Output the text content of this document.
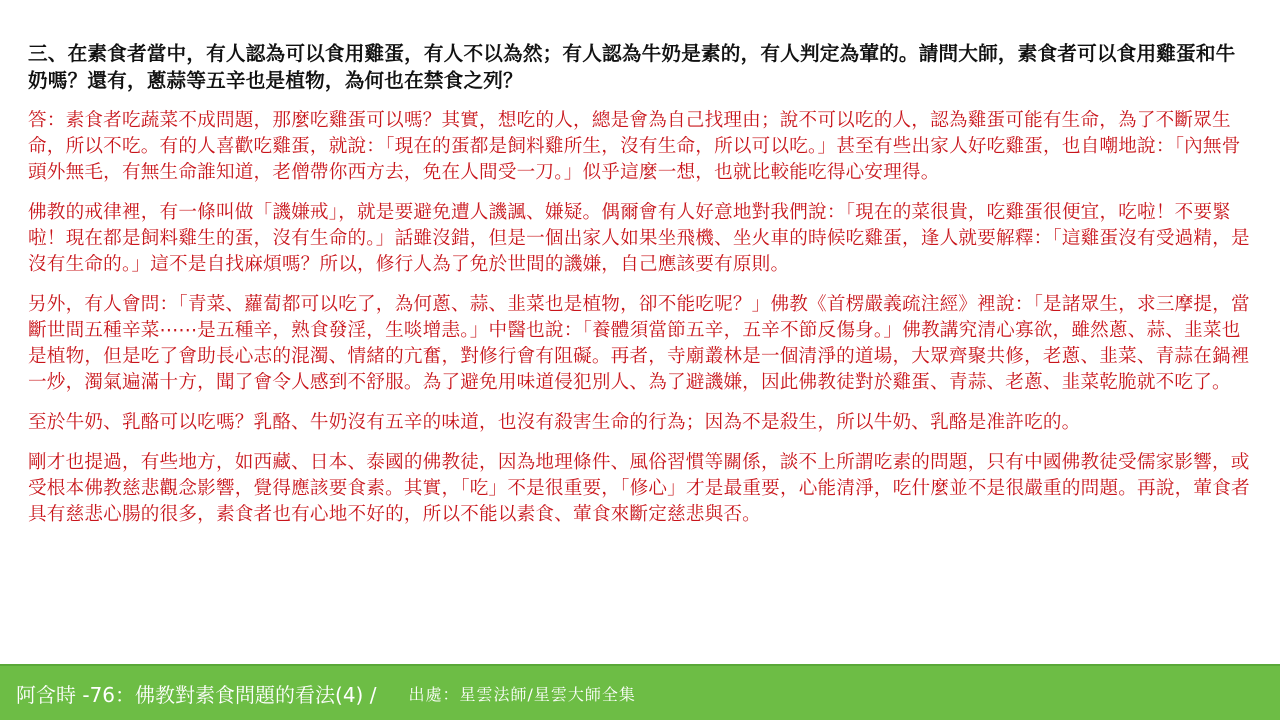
三、在素食者當中，有人認為可以食用雞蛋，有人不以為然；有人認為牛奶是素的，有人判定為葷的。請問大師，素食者可以食用雞蛋和牛奶嗎？還有，蔥蒜等五辛也是植物，為何也在禁食之列？

答：素食者吃蔬菜不成問題，那麼吃雞蛋可以嗎？其實，想吃的人，總是會為自己找理由；說不可以吃的人，認為雞蛋可能有生命，為了不斷眾生命，所以不吃。有的人喜歡吃雞蛋，就說：「現在的蛋都是飼料雞所生，沒有生命，所以可以吃。」甚至有些出家人好吃雞蛋，也自嘲地說：「內無骨頭外無毛，有無生命誰知道，老僧帶你西方去，免在人間受一刀。」似乎這麼一想，也就比較能吃得心安理得。

佛教的戒律裡，有一條叫做「譏嫌戒」，就是要避免遭人譏諷、嫌疑。偶爾會有人好意地對我們說：「現在的菜很貴，吃雞蛋很便宜，吃啦！不要緊啦！現在都是飼料雞生的蛋，沒有生命的。」話雖沒錯，但是一個出家人如果坐飛機、坐火車的時候吃雞蛋，逢人就要解釋：「這雞蛋沒有受過精，是沒有生命的。」這不是自找麻煩嗎？所以，修行人為了免於世間的譏嫌，自己應該要有原則。

另外，有人會問：「青菜、蘿蔔都可以吃了，為何蔥、蒜、韭菜也是植物，卻不能吃呢？」佛教《首楞嚴義疏注經》裡說：「是諸眾生，求三摩提，當斷世間五種辛菜⋯⋯是五種辛，熟食發淫，生啖增恚。」中醫也說：「養體須當節五辛，五辛不節反傷身。」佛教講究清心寡欲，雖然蔥、蒜、韭菜也是植物，但是吃了會助長心志的混濁、情緒的亢奮，對修行會有阻礙。再者，寺廟叢林是一個清淨的道場，大眾齊聚共修，老蔥、韭菜、青蒜在鍋裡一炒，濁氣遍滿十方，聞了會令人感到不舒服。為了避免用味道侵犯別人、為了避譏嫌，因此佛教徒對於雞蛋、青蒜、老蔥、韭菜乾脆就不吃了。

至於牛奶、乳酪可以吃嗎？乳酪、牛奶沒有五辛的味道，也沒有殺害生命的行為；因為不是殺生，所以牛奶、乳酪是准許吃的。

剛才也提過，有些地方，如西藏、日本、泰國的佛教徒，因為地理條件、風俗習慣等關係，談不上所謂吃素的問題，只有中國佛教徒受儒家影響，或受根本佛教慈悲觀念影響，覺得應該要食素。其實，「吃」不是很重要，「修心」才是最重要，心能清淨，吃什麼並不是很嚴重的問題。再說，葷食者具有慈悲心腸的很多，素食者也有心地不好的，所以不能以素食、葷食來斷定慈悲與否。

阿含時 -76：佛教對素食問題的看法(4) / 出處：星雲法師/星雲大師全集
